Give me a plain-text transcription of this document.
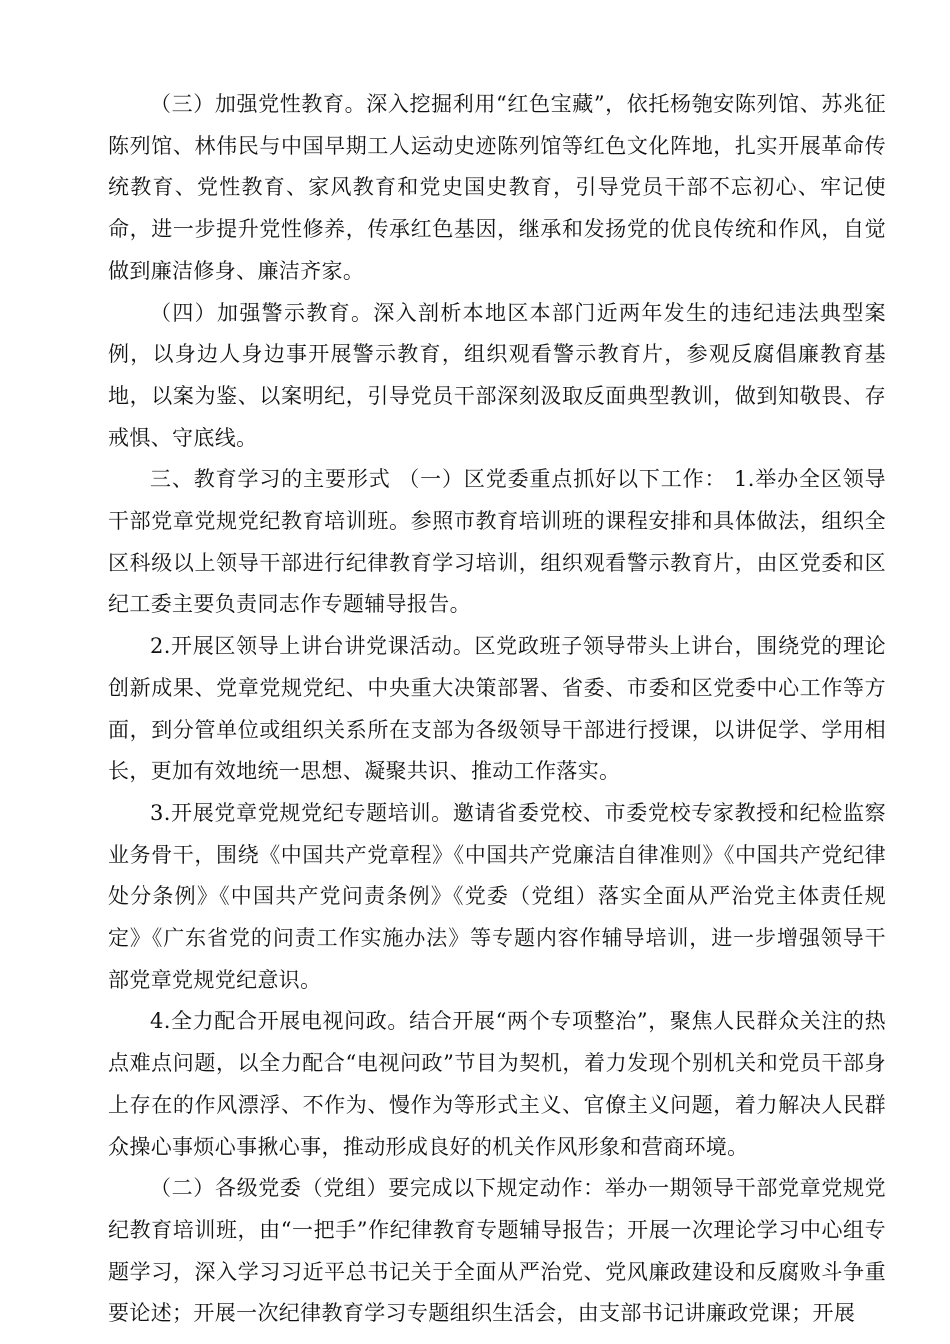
（三）加强党性教育。深入挖掘利用“红色宝藏”，依托杨匏安陈列馆、苏兆征陈列馆、林伟民与中国早期工人运动史迹陈列馆等红色文化阵地，扎实开展革命传统教育、党性教育、家风教育和党史国史教育，引导党员干部不忘初心、牢记使命，进一步提升党性修养，传承红色基因，继承和发扬党的优良传统和作风，自觉做到廉洁修身、廉洁齐家。

（四）加强警示教育。深入剖析本地区本部门近两年发生的违纪违法典型案例，以身边人身边事开展警示教育，组织观看警示教育片，参观反腐倡廉教育基地，以案为鉴、以案明纪，引导党员干部深刻汲取反面典型教训，做到知敬畏、存戒惧、守底线。

三、教育学习的主要形式 （一）区党委重点抓好以下工作： 1.举办全区领导干部党章党规党纪教育培训班。参照市教育培训班的课程安排和具体做法，组织全区科级以上领导干部进行纪律教育学习培训，组织观看警示教育片，由区党委和区纪工委主要负责同志作专题辅导报告。

2.开展区领导上讲台讲党课活动。区党政班子领导带头上讲台，围绕党的理论创新成果、党章党规党纪、中央重大决策部署、省委、市委和区党委中心工作等方面，到分管单位或组织关系所在支部为各级领导干部进行授课，以讲促学、学用相长，更加有效地统一思想、凝聚共识、推动工作落实。

3.开展党章党规党纪专题培训。邀请省委党校、市委党校专家教授和纪检监察业务骨干，围绕《中国共产党章程》《中国共产党廉洁自律准则》《中国共产党纪律处分条例》《中国共产党问责条例》《党委（党组）落实全面从严治党主体责任规定》《广东省党的问责工作实施办法》等专题内容作辅导培训，进一步增强领导干部党章党规党纪意识。

4.全力配合开展电视问政。结合开展“两个专项整治”，聚焦人民群众关注的热点难点问题，以全力配合“电视问政”节目为契机，着力发现个别机关和党员干部身上存在的作风漂浮、不作为、慢作为等形式主义、官僚主义问题，着力解决人民群众操心事烦心事揪心事，推动形成良好的机关作风形象和营商环境。

（二）各级党委（党组）要完成以下规定动作：举办一期领导干部党章党规党纪教育培训班，由“一把手”作纪律教育专题辅导报告；开展一次理论学习中心组专题学习，深入学习习近平总书记关于全面从严治党、党风廉政建设和反腐败斗争重要论述；开展一次纪律教育学习专题组织生活会，由支部书记讲廉政党课；开展
